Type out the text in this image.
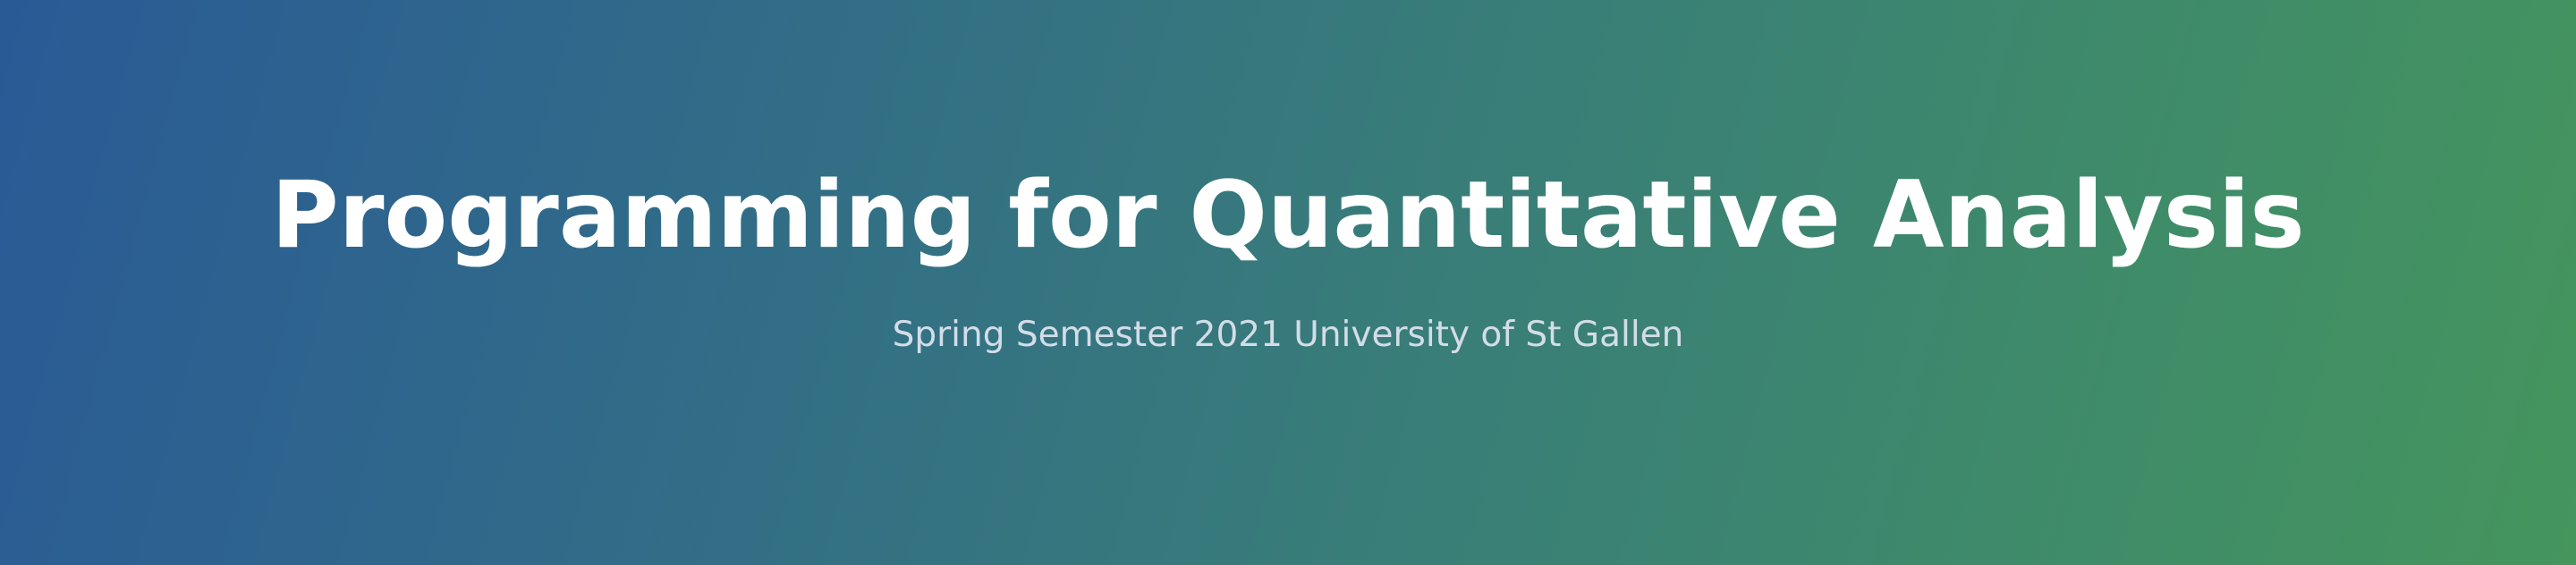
Programming for Quantitative Analysis

Spring Semester 2021 University of St Gallen
